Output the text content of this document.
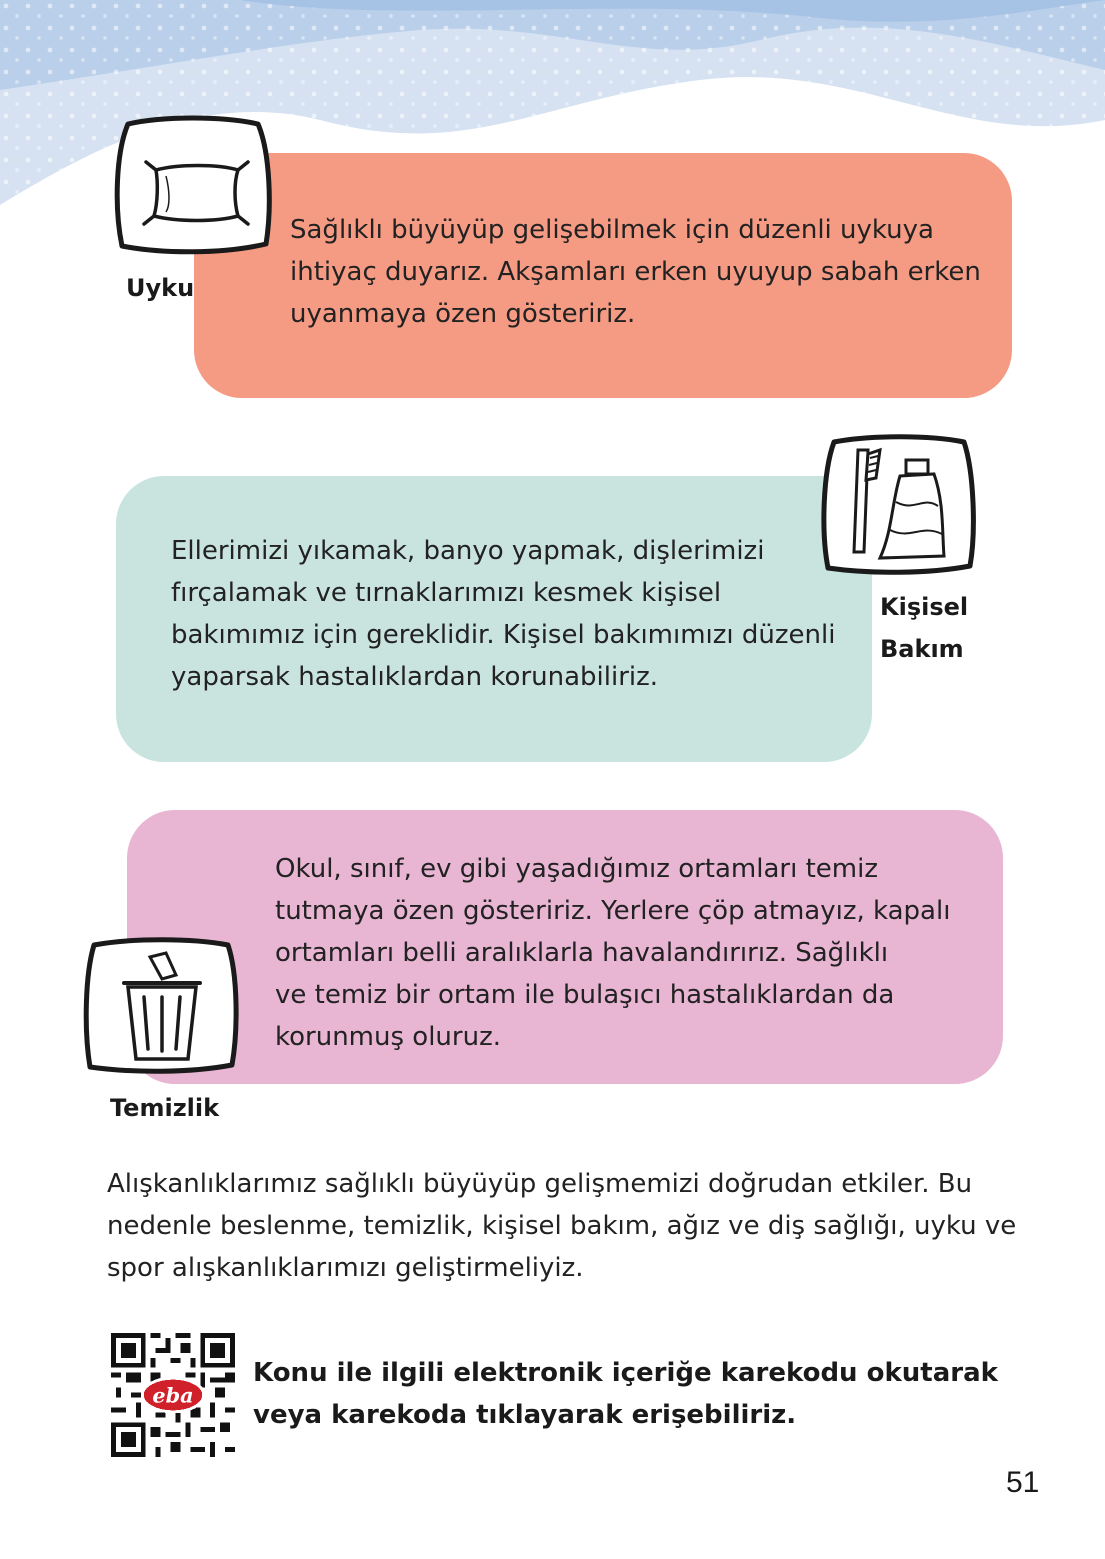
Uyku
Sağlıklı büyüyüp gelişebilmek için düzenli uykuya
ihtiyaç duyarız. Akşamları erken uyuyup sabah erken
uyanmaya özen gösteririz.
Kişisel
Bakım
Ellerimizi yıkamak, banyo yapmak, dişlerimizi
fırçalamak ve tırnaklarımızı kesmek kişisel
bakımımız için gereklidir. Kişisel bakımımızı düzenli
yaparsak hastalıklardan korunabiliriz.
Temizlik
Okul, sınıf, ev gibi yaşadığımız ortamları temiz
tutmaya özen gösteririz. Yerlere çöp atmayız, kapalı
ortamları belli aralıklarla havalandırırız. Sağlıklı
ve temiz bir ortam ile bulaşıcı hastalıklardan da
korunmuş oluruz.
Alışkanlıklarımız sağlıklı büyüyüp gelişmemizi doğrudan etkiler. Bu
nedenle beslenme, temizlik, kişisel bakım, ağız ve diş sağlığı, uyku ve
spor alışkanlıklarımızı geliştirmeliyiz.
eba
Konu ile ilgili elektronik içeriğe karekodu okutarak
veya karekoda tıklayarak erişebiliriz.
51
